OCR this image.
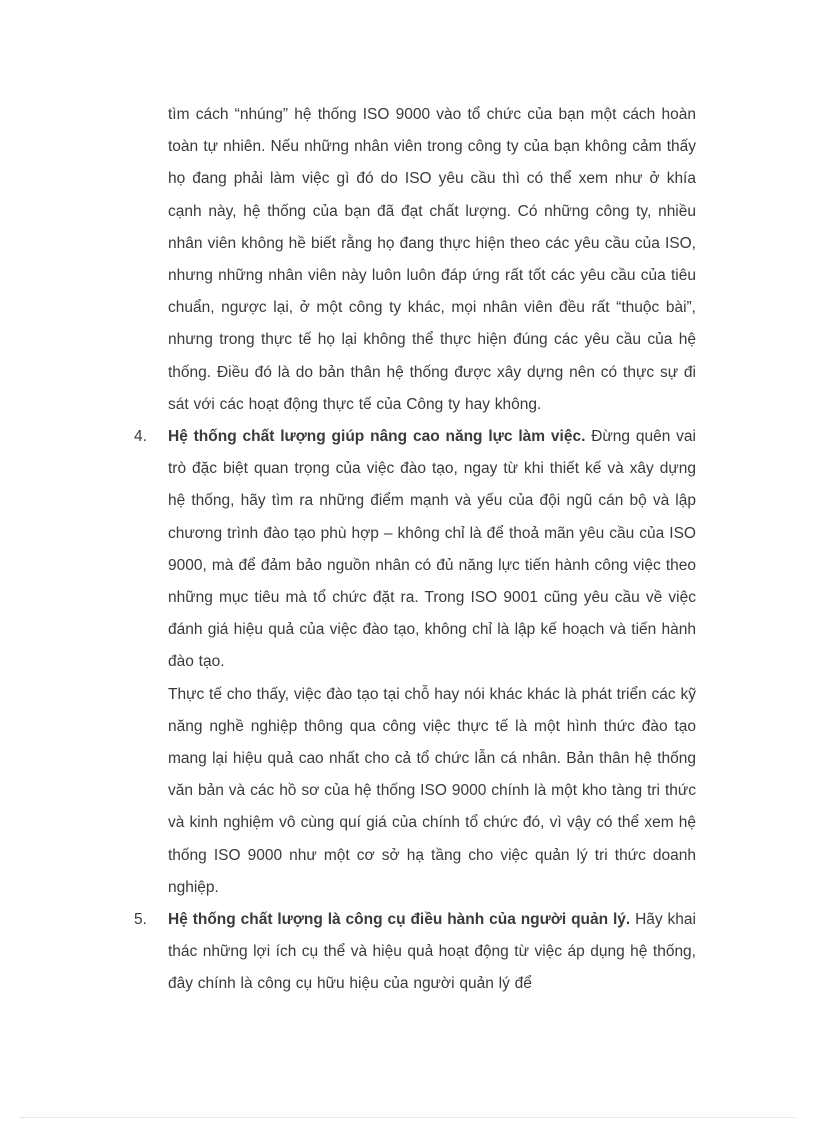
tìm cách “nhúng” hệ thống ISO 9000 vào tổ chức của bạn một cách hoàn toàn tự nhiên. Nếu những nhân viên trong công ty của bạn không cảm thấy họ đang phải làm việc gì đó do ISO yêu cầu thì có thể xem như ở khía cạnh này, hệ thống của bạn đã đạt chất lượng. Có những công ty, nhiều nhân viên không hề biết rằng họ đang thực hiện theo các yêu cầu của ISO, nhưng những nhân viên này luôn luôn đáp ứng rất tốt các yêu cầu của tiêu chuẩn, ngược lại, ở một công ty khác, mọi nhân viên đều rất “thuộc bài”, nhưng trong thực tế họ lại không thể thực hiện đúng các yêu cầu của hệ thống. Điều đó là do bản thân hệ thống được xây dựng nên có thực sự đi sát với các hoạt động thực tế của Công ty hay không.

4.	Hệ thống chất lượng giúp nâng cao năng lực làm việc. Đừng quên vai trò đặc biệt quan trọng của việc đào tạo, ngay từ khi thiết kế và xây dựng hệ thống, hãy tìm ra những điểm mạnh và yếu của đội ngũ cán bộ và lập chương trình đào tạo phù hợp – không chỉ là để thoả mãn yêu cầu của ISO 9000, mà để đảm bảo nguồn nhân có đủ năng lực tiến hành công việc theo những mục tiêu mà tổ chức đặt ra. Trong ISO 9001 cũng yêu cầu về việc đánh giá hiệu quả của việc đào tạo, không chỉ là lập kế hoạch và tiến hành đào tạo.

Thực tế cho thấy, việc đào tạo tại chỗ hay nói khác khác là phát triển các kỹ năng nghề nghiệp thông qua công việc thực tế là một hình thức đào tạo mang lại hiệu quả cao nhất cho cả tổ chức lẫn cá nhân. Bản thân hệ thống văn bản và các hồ sơ của hệ thống ISO 9000 chính là một kho tàng tri thức và kinh nghiệm vô cùng quí giá của chính tổ chức đó, vì vậy có thể xem hệ thống ISO 9000 như một cơ sở hạ tầng cho việc quản lý tri thức doanh nghiệp.

5.	Hệ thống chất lượng là công cụ điều hành của người quản lý. Hãy khai thác những lợi ích cụ thể và hiệu quả hoạt động từ việc áp dụng hệ thống, đây chính là công cụ hữu hiệu của người quản lý để
